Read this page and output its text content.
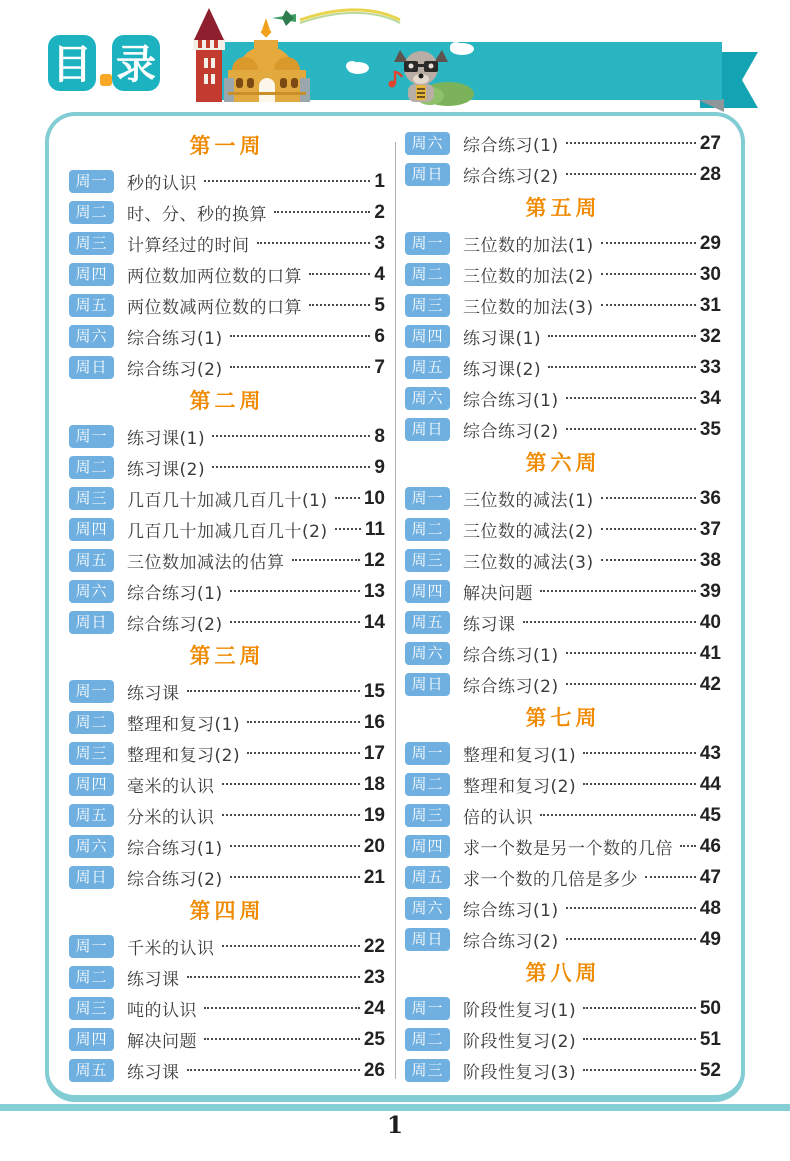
目 录
第一周
周一	秒的认识	1
周二	时、分、秒的换算	2
周三	计算经过的时间	3
周四	两位数加两位数的口算	4
周五	两位数减两位数的口算	5
周六	综合练习(1)	6
周日	综合练习(2)	7
第二周
周一	练习课(1)	8
周二	练习课(2)	9
周三	几百几十加减几百几十(1) 10
周四	几百几十加减几百几十(2) 11
周五	三位数加减法的估算	12
周六	综合练习(1)	13
周日	综合练习(2)	14
第三周
周一	练习课	15
周二	整理和复习(1)	16
周三	整理和复习(2)	17
周四	毫米的认识	18
周五	分米的认识	19
周六	综合练习(1)	20
周日	综合练习(2)	21
第四周
周一	千米的认识	22
周二	练习课	23
周三	吨的认识	24
周四	解决问题	25
周五	练习课	26
周六	综合练习(1)	27
周日	综合练习(2)	28
第五周
周一	三位数的加法(1)	29
周二	三位数的加法(2)	30
周三	三位数的加法(3)	31
周四	练习课(1)	32
周五	练习课(2)	33
周六	综合练习(1)	34
周日	综合练习(2)	35
第六周
周一	三位数的减法(1)	36
周二	三位数的减法(2)	37
周三	三位数的减法(3)	38
周四	解决问题	39
周五	练习课	40
周六	综合练习(1)	41
周日	综合练习(2)	42
第七周
周一	整理和复习(1)	43
周二	整理和复习(2)	44
周三	倍的认识	45
周四	求一个数是另一个数的几倍 46
周五	求一个数的几倍是多少	47
周六	综合练习(1)	48
周日	综合练习(2)	49
第八周
周一	阶段性复习(1)	50
周二	阶段性复习(2)	51
周三	阶段性复习(3)	52
1
